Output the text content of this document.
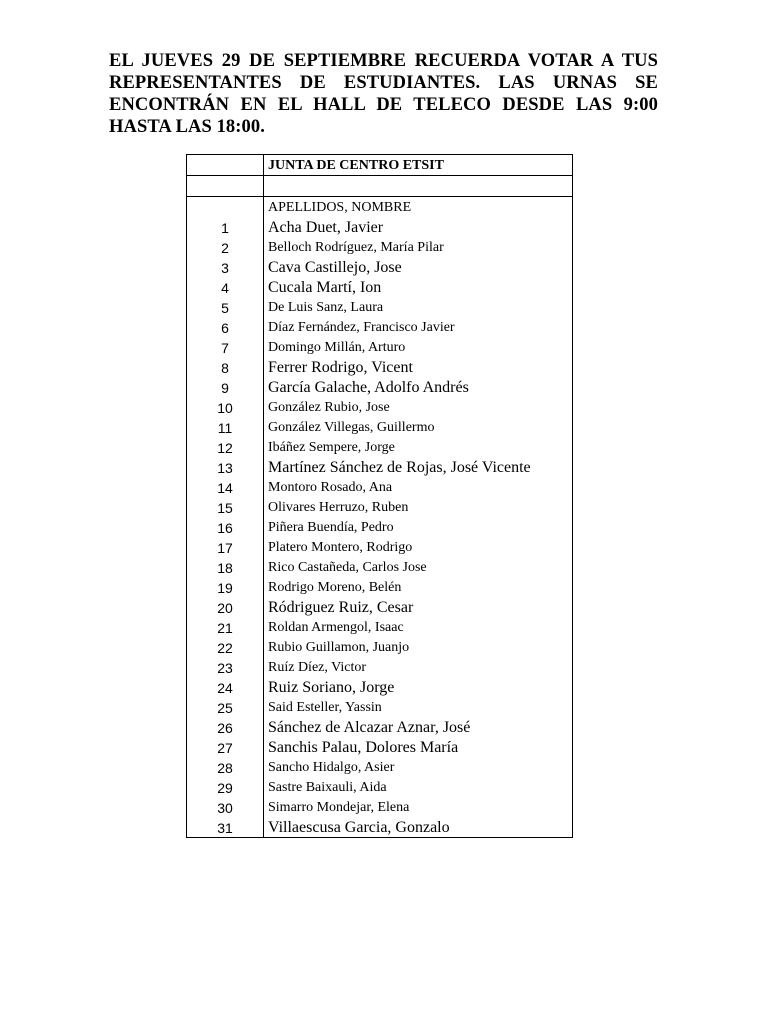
EL JUEVES 29 DE SEPTIEMBRE RECUERDA VOTAR A TUS REPRESENTANTES DE ESTUDIANTES. LAS URNAS SE ENCONTRÁN EN EL HALL DE TELECO DESDE LAS 9:00 HASTA LAS 18:00.

	JUNTA DE CENTRO ETSIT

	APELLIDOS, NOMBRE
1	Acha Duet, Javier
2	Belloch Rodríguez, María Pilar
3	Cava Castillejo, Jose
4	Cucala Martí, Ion
5	De Luis Sanz, Laura
6	Díaz Fernández, Francisco Javier
7	Domingo Millán, Arturo
8	Ferrer Rodrigo, Vicent
9	García Galache, Adolfo Andrés
10	González Rubio, Jose
11	González Villegas, Guillermo
12	Ibáñez Sempere, Jorge
13	Martínez Sánchez de Rojas, José Vicente
14	Montoro Rosado, Ana
15	Olivares Herruzo, Ruben
16	Piñera Buendía, Pedro
17	Platero Montero, Rodrigo
18	Rico Castañeda, Carlos Jose
19	Rodrigo Moreno, Belén
20	Ródriguez Ruiz, Cesar
21	Roldan Armengol, Isaac
22	Rubio Guillamon, Juanjo
23	Ruíz Díez, Victor
24	Ruiz Soriano, Jorge
25	Said Esteller, Yassin
26	Sánchez de Alcazar Aznar, José
27	Sanchis Palau, Dolores María
28	Sancho Hidalgo, Asier
29	Sastre Baixauli, Aida
30	Simarro Mondejar, Elena
31	Villaescusa Garcia, Gonzalo
